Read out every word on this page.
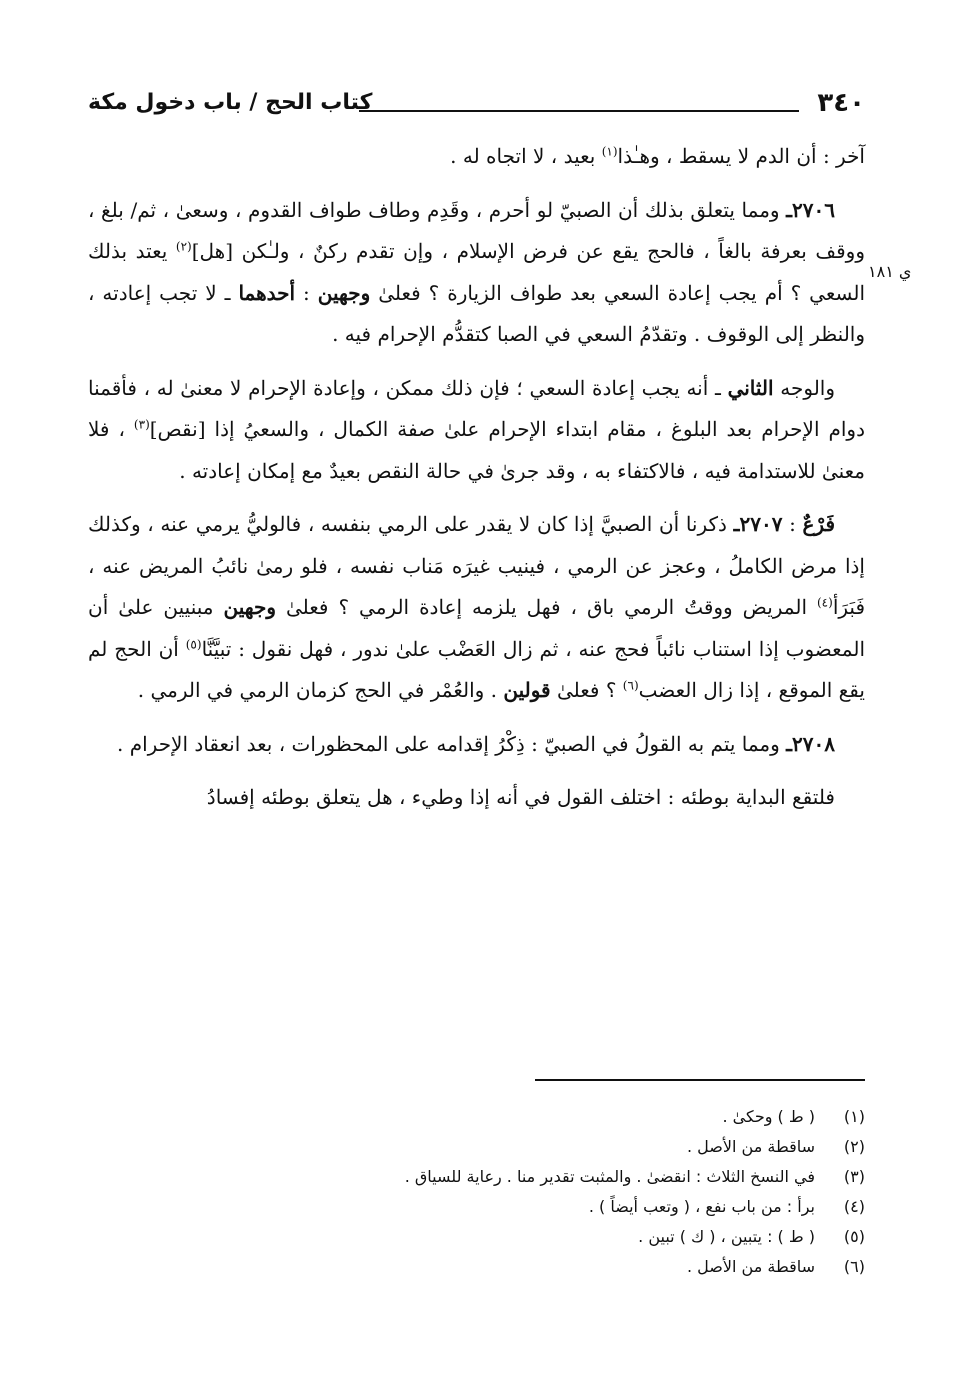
٣٤٠
كتاب الحج / باب دخول مكة
ي ١٨١

آخر : أن الدم لا يسقط ، وهـٰذا$^{(١)}$ بعيد ، لا اتجاه له .

٢٧٠٦ـ ومما يتعلق بذلك أن الصبيّ لو أحرم ، وقَدِم وطاف طواف القدوم ، وسعىٰ ، ثم/ بلغ ، ووقف بعرفة بالغاً ، فالحج يقع عن فرض الإسلام ، وإن تقدم ركنٌ ، ولـٰكن [هل]$^{(٢)}$ يعتد بذلك السعي ؟ أم يجب إعادة السعي بعد طواف الزيارة ؟ فعلىٰ وجهين : أحدهما ـ لا تجب إعادته ، والنظر إلى الوقوف . وتقدّمُ السعي في الصبا كتقدُّم الإحرام فيه .

والوجه الثاني ـ أنه يجب إعادة السعي ؛ فإن ذلك ممكن ، وإعادة الإحرام لا معنىٰ له ، فأقمنا دوام الإحرام بعد البلوغ ، مقام ابتداء الإحرام علىٰ صفة الكمال ، والسعيُ إذا [نقص]$^{(٣)}$ ، فلا معنىٰ للاستدامة فيه ، فالاكتفاء به ، وقد جرىٰ في حالة النقص بعيدٌ مع إمكان إعادته .

فَرْعٌ : ٢٧٠٧ـ ذكرنا أن الصبيَّ إذا كان لا يقدر على الرمي بنفسه ، فالوليُّ يرمي عنه ، وكذلك إذا مرض الكاملُ ، وعجز عن الرمي ، فينيب غيرَه مَناب نفسه ، فلو رمىٰ نائبُ المريض عنه ، فَبَرَأ$^{(٤)}$ المريض ووقتُ الرمي باق ، فهل يلزمه إعادة الرمي ؟ فعلىٰ وجهين مبنيين علىٰ أن المعضوب إذا استناب نائباً فحج عنه ، ثم زال العَضْب علىٰ ندور ، فهل نقول : تبيَّنَّا$^{(٥)}$ أن الحج لم يقع الموقع ، إذا زال العضب$^{(٦)}$ ؟ فعلىٰ قولين . والعُمْر في الحج كزمان الرمي في الرمي .

٢٧٠٨ـ ومما يتم به القولُ في الصبيّ : ذِكْرُ إقدامه على المحظورات ، بعد انعقاد الإحرام .

فلتقع البداية بوطئه : اختلف القول في أنه إذا وطيء ، هل يتعلق بوطئه إفسادُ

(١)
( ط ) وحكىٰ .
(٢)
ساقطة من الأصل .
(٣)
في النسخ الثلاث : انقضىٰ . والمثبت تقدير منا . رعاية للسياق .
(٤)
برأ : من باب نفع ، ( وتعب أيضاً ) .
(٥)
( ط ) : يتبين ، ( ك ) تبين .
(٦)
ساقطة من الأصل .
